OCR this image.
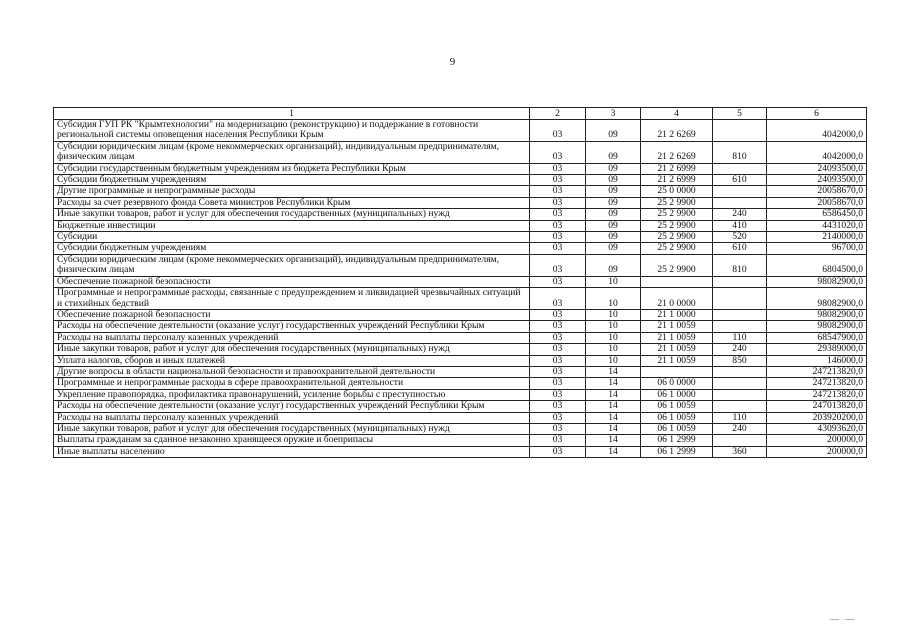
9
1	2	3	4	5	6
Субсидия ГУП РК "Крымтехнологии" на модернизацию (реконструкцию) и поддержание в готовности региональной системы оповещения населения Республики Крым	03	09	21 2 6269		4042000,0
Субсидии юридическим лицам (кроме некоммерческих организаций), индивидуальным предпринимателям, физическим лицам	03	09	21 2 6269	810	4042000,0
Субсидии государственным бюджетным учреждениям из бюджета Республики Крым	03	09	21 2 6999		24093500,0
Субсидии бюджетным учреждениям	03	09	21 2 6999	610	24093500,0
Другие программные и непрограммные расходы	03	09	25 0 0000		20058670,0
Расходы за счет резервного фонда Совета министров Республики Крым	03	09	25 2 9900		20058670,0
Иные закупки товаров, работ и услуг для обеспечения государственных (муниципальных) нужд	03	09	25 2 9900	240	6586450,0
Бюджетные инвестиции	03	09	25 2 9900	410	4431020,0
Субсидии	03	09	25 2 9900	520	2140000,0
Субсидии бюджетным учреждениям	03	09	25 2 9900	610	96700,0
Субсидии юридическим лицам (кроме некоммерческих организаций), индивидуальным предпринимателям, физическим лицам	03	09	25 2 9900	810	6804500,0
Обеспечение пожарной безопасности	03	10			98082900,0
Программные и непрограммные расходы, связанные с предупреждением и ликвидацией чрезвычайных ситуаций и стихийных бедствий	03	10	21 0 0000		98082900,0
Обеспечение пожарной безопасности	03	10	21 1 0000		98082900,0
Расходы на обеспечение деятельности (оказание услуг) государственных учреждений Республики Крым	03	10	21 1 0059		98082900,0
Расходы на выплаты персоналу казенных учреждений	03	10	21 1 0059	110	68547900,0
Иные закупки товаров, работ и услуг для обеспечения государственных (муниципальных) нужд	03	10	21 1 0059	240	29389000,0
Уплата налогов, сборов и иных платежей	03	10	21 1 0059	850	146000,0
Другие вопросы в области национальной безопасности и правоохранительной деятельности	03	14			247213820,0
Программные и непрограммные расходы в сфере правоохранительной деятельности	03	14	06 0 0000		247213820,0
Укрепление правопорядка, профилактика правонарушений, усиление борьбы с преступностью	03	14	06 1 0000		247213820,0
Расходы на обеспечение деятельности (оказание услуг) государственных учреждений Республики Крым	03	14	06 1 0059		247013820,0
Расходы на выплаты персоналу казенных учреждений	03	14	06 1 0059	110	203920200,0
Иные закупки товаров, работ и услуг для обеспечения государственных (муниципальных) нужд	03	14	06 1 0059	240	43093620,0
Выплаты гражданам за сданное незаконно хранящееся оружие и боеприпасы	03	14	06 1 2999		200000,0
Иные выплаты населению	03	14	06 1 2999	360	200000,0
— —
